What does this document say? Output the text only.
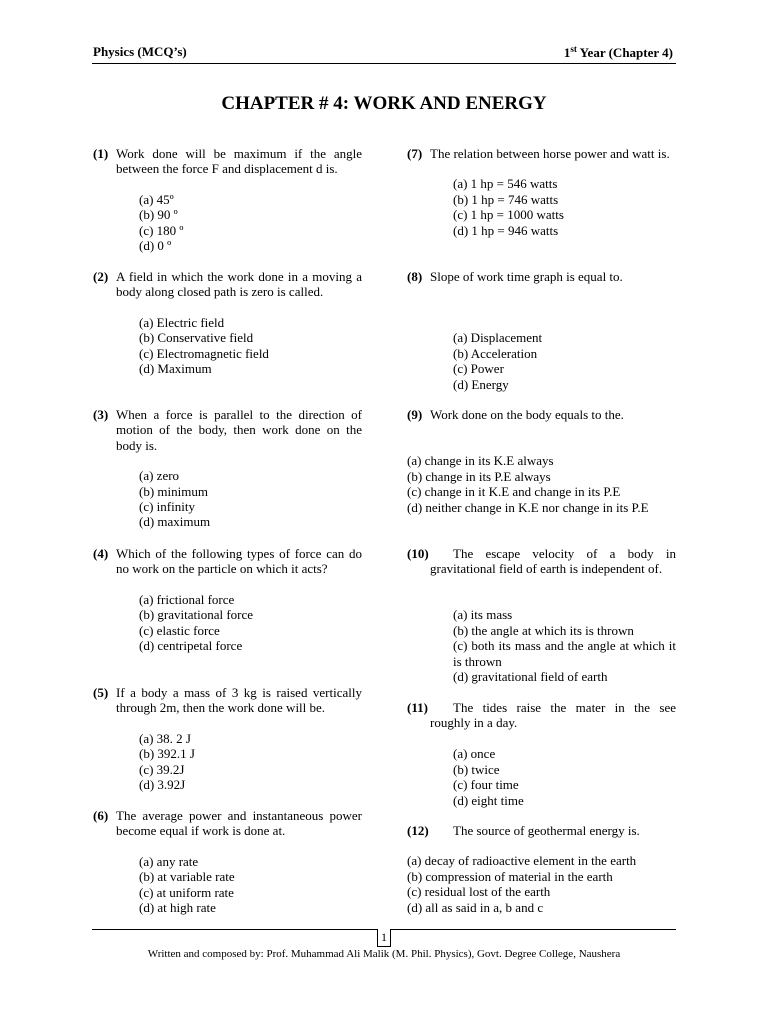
Physics (MCQ’s)	1st Year (Chapter 4)
CHAPTER # 4: WORK AND ENERGY
(1) Work done will be maximum if the angle between the force F and displacement d is.
(a) 45º
(b) 90 º
(c) 180 º
(d) 0 º
(2) A field in which the work done in a moving a body along closed path is zero is called.
(a) Electric field
(b) Conservative field
(c) Electromagnetic field
(d) Maximum
(3) When a force is parallel to the direction of motion of the body, then work done on the body is.
(a) zero
(b) minimum
(c) infinity
(d) maximum
(4) Which of the following types of force can do no work on the particle on which it acts?
(a) frictional force
(b) gravitational force
(c) elastic force
(d) centripetal force
(5) If a body a mass of 3 kg is raised vertically through 2m, then the work done will be.
(a) 38. 2 J
(b) 392.1 J
(c) 39.2J
(d) 3.92J
(6) The average power and instantaneous power become equal if work is done at.
(a) any rate
(b) at variable rate
(c) at uniform rate
(d) at high rate
(7) The relation between horse power and watt is.
(a) 1 hp = 546 watts
(b) 1 hp = 746 watts
(c) 1 hp = 1000 watts
(d) 1 hp = 946 watts
(8) Slope of work time graph is equal to.
(a) Displacement
(b) Acceleration
(c) Power
(d) Energy
(9) Work done on the body equals to the.
(a) change in its K.E always
(b) change in its P.E always
(c) change in it K.E and change in its P.E
(d) neither change in K.E nor change in its P.E
(10)	The escape velocity of a body in gravitational field of earth is independent of.
(a) its mass
(b) the angle at which its is thrown
(c) both its mass and the angle at which it is thrown
(d) gravitational field of earth
(11)	The tides raise the mater in the see roughly in a day.
(a) once
(b) twice
(c) four time
(d) eight time
(12)	The source of geothermal energy is.
(a) decay of radioactive element in the earth
(b) compression of material in the earth
(c) residual lost of the earth
(d) all as said in a, b and c
1
Written and composed by: Prof. Muhammad Ali Malik (M. Phil. Physics), Govt. Degree College, Naushera
